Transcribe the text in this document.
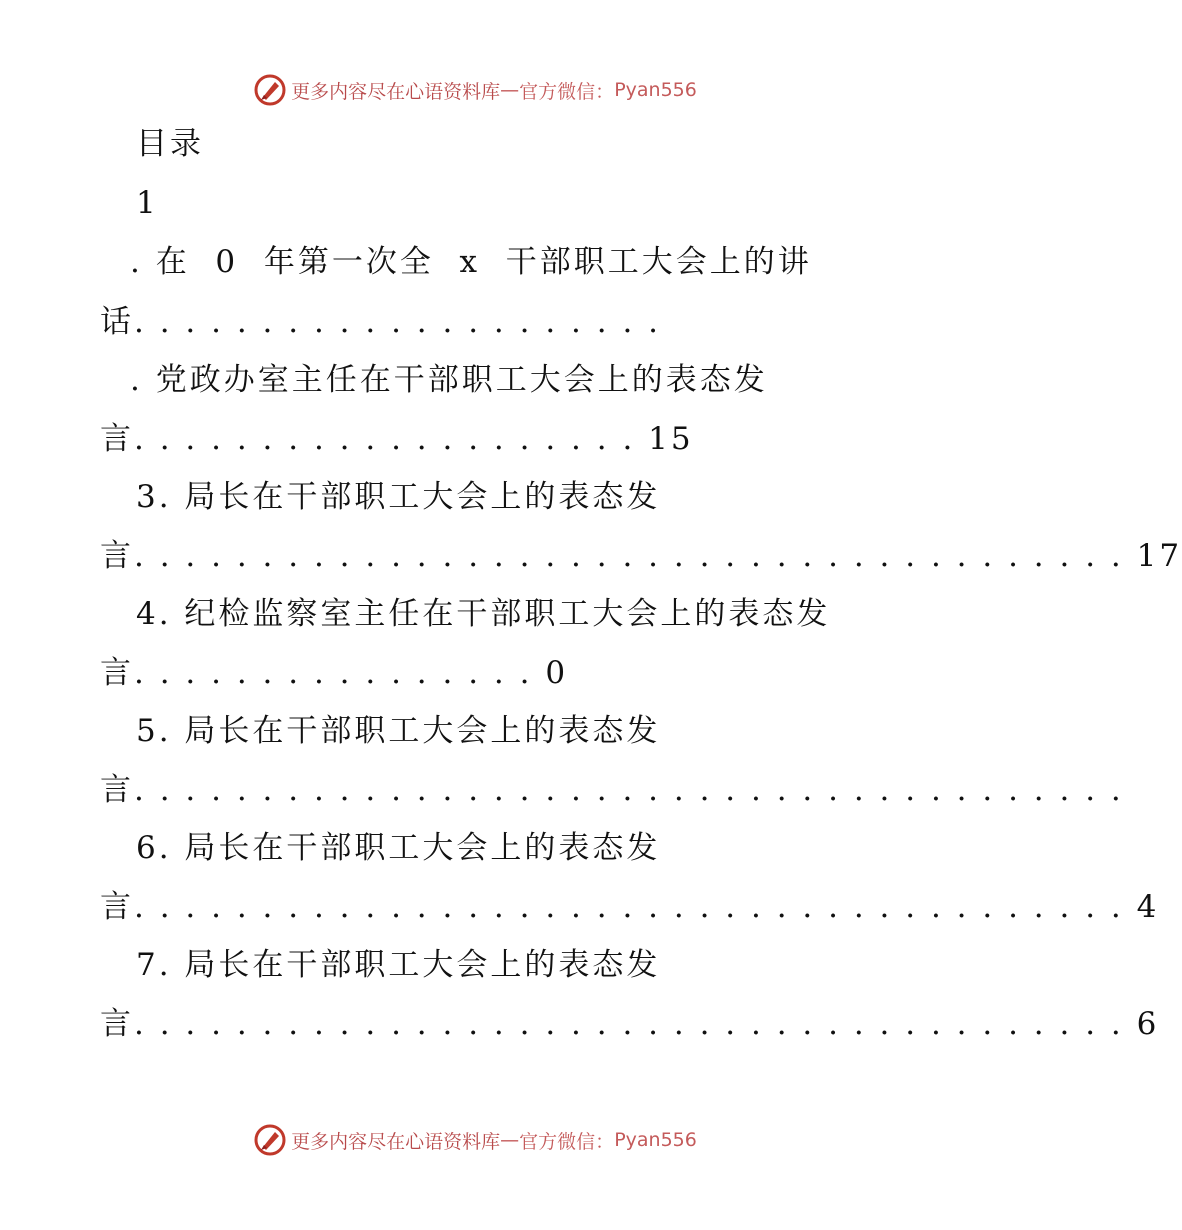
更多内容尽在心语资料库 — 官方微信： Pyan556
目录
1
. 在  0  年第一次全  x  干部职工大会上的讲
话. . . . . . . . . . . . . . . . . . . . .
. 党政办室主任在干部职工大会上的表态发
言. . . . . . . . . . . . . . . . . . . . 15
3. 局长在干部职工大会上的表态发
言. . . . . . . . . . . . . . . . . . . . . . . . . . . . . . . . . . . . . . . 17
4. 纪检监察室主任在干部职工大会上的表态发
言. . . . . . . . . . . . . . . . 0
5. 局长在干部职工大会上的表态发
言. . . . . . . . . . . . . . . . . . . . . . . . . . . . . . . . . . . . . . .
6. 局长在干部职工大会上的表态发
言. . . . . . . . . . . . . . . . . . . . . . . . . . . . . . . . . . . . . . . 4
7. 局长在干部职工大会上的表态发
言. . . . . . . . . . . . . . . . . . . . . . . . . . . . . . . . . . . . . . . 6
更多内容尽在心语资料库 — 官方微信： Pyan556
